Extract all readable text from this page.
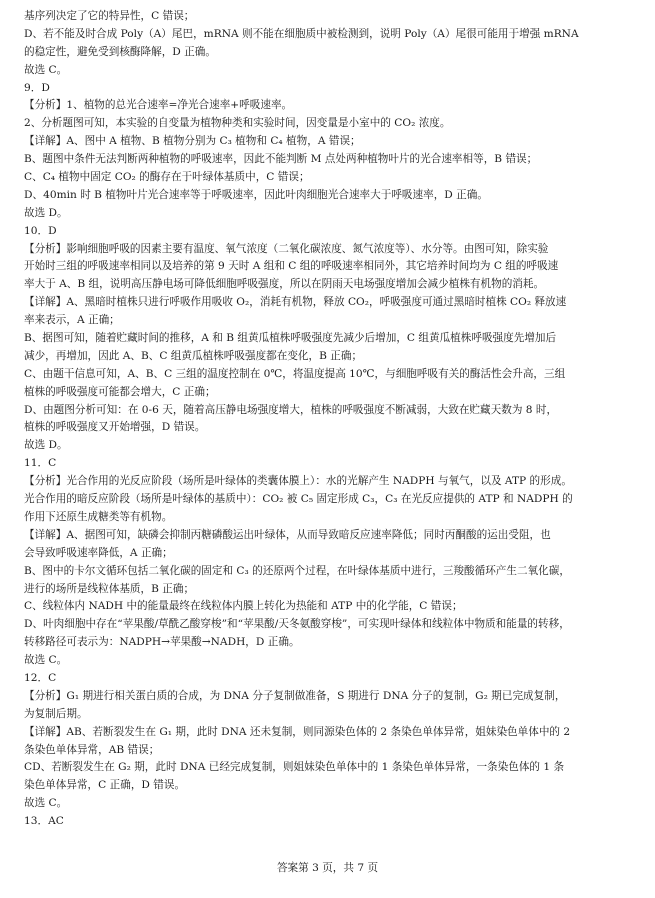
基序列决定了它的特异性，C 错误；
D、若不能及时合成 Poly（A）尾巴，mRNA 则不能在细胞质中被检测到，说明 Poly（A）尾很可能用于增强 mRNA
的稳定性，避免受到核酶降解，D 正确。
故选 C。
9．D
【分析】1、植物的总光合速率=净光合速率+呼吸速率。
2、分析题图可知，本实验的自变量为植物种类和实验时间，因变量是小室中的 CO₂ 浓度。
【详解】A、图中 A 植物、B 植物分别为 C₃ 植物和 C₄ 植物，A 错误；
B、题图中条件无法判断两种植物的呼吸速率，因此不能判断 M 点处两种植物叶片的光合速率相等，B 错误；
C、C₄ 植物中固定 CO₂ 的酶存在于叶绿体基质中，C 错误；
D、40min 时 B 植物叶片光合速率等于呼吸速率，因此叶肉细胞光合速率大于呼吸速率，D 正确。
故选 D。
10．D
【分析】影响细胞呼吸的因素主要有温度、氧气浓度（二氧化碳浓度、氮气浓度等）、水分等。由图可知，除实验
开始时三组的呼吸速率相同以及培养的第 9 天时 A 组和 C 组的呼吸速率相同外，其它培养时间均为 C 组的呼吸速
率大于 A、B 组，说明高压静电场可降低细胞呼吸强度，所以在阴雨天电场强度增加会减少植株有机物的消耗。
【详解】A、黑暗时植株只进行呼吸作用吸收 O₂，消耗有机物，释放 CO₂，呼吸强度可通过黑暗时植株 CO₂ 释放速
率来表示，A 正确；
B、据图可知，随着贮藏时间的推移，A 和 B 组黄瓜植株呼吸强度先减少后增加，C 组黄瓜植株呼吸强度先增加后
减少，再增加，因此 A、B、C 组黄瓜植株呼吸强度都在变化，B 正确；
C、由题干信息可知，A、B、C 三组的温度控制在 0℃，将温度提高 10℃，与细胞呼吸有关的酶活性会升高，三组
植株的呼吸强度可能都会增大，C 正确；
D、由题图分析可知：在 0-6 天，随着高压静电场强度增大，植株的呼吸强度不断减弱，大致在贮藏天数为 8 时，
植株的呼吸强度又开始增强，D 错误。
故选 D。
11．C
【分析】光合作用的光反应阶段（场所是叶绿体的类囊体膜上）：水的光解产生 NADPH 与氧气，以及 ATP 的形成。
光合作用的暗反应阶段（场所是叶绿体的基质中）：CO₂ 被 C₅ 固定形成 C₃，C₃ 在光反应提供的 ATP 和 NADPH 的
作用下还原生成糖类等有机物。
【详解】A、据图可知，缺磷会抑制丙糖磷酸运出叶绿体，从而导致暗反应速率降低；同时丙酮酸的运出受阻，也
会导致呼吸速率降低，A 正确；
B、图中的卡尔文循环包括二氧化碳的固定和 C₃ 的还原两个过程，在叶绿体基质中进行，三羧酸循环产生二氧化碳，
进行的场所是线粒体基质，B 正确；
C、线粒体内 NADH 中的能量最终在线粒体内膜上转化为热能和 ATP 中的化学能，C 错误；
D、叶肉细胞中存在“苹果酸/草酰乙酸穿梭”和“苹果酸/天冬氨酸穿梭”，可实现叶绿体和线粒体中物质和能量的转移，
转移路径可表示为：NADPH→苹果酸→NADH，D 正确。
故选 C。
12．C
【分析】G₁ 期进行相关蛋白质的合成，为 DNA 分子复制做准备，S 期进行 DNA 分子的复制，G₂ 期已完成复制，
为复制后期。
【详解】AB、若断裂发生在 G₁ 期，此时 DNA 还未复制，则同源染色体的 2 条染色单体异常，姐妹染色单体中的 2
条染色单体异常，AB 错误；
CD、若断裂发生在 G₂ 期，此时 DNA 已经完成复制，则姐妹染色单体中的 1 条染色单体异常，一条染色体的 1 条
染色单体异常，C 正确，D 错误。
故选 C。
13．AC
答案第 3 页，共 7 页
